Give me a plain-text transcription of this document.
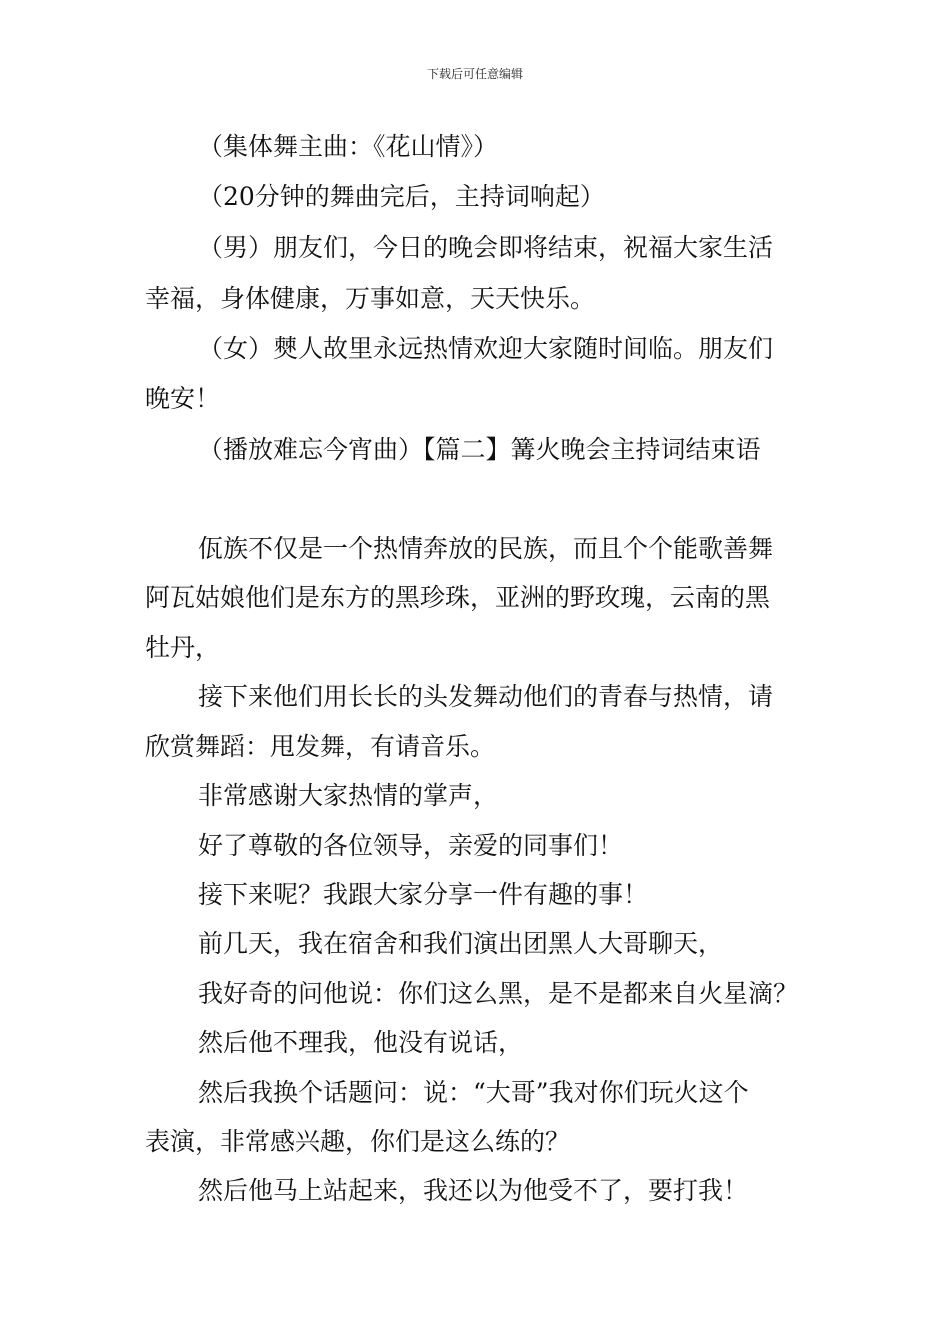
下载后可任意编辑
（集体舞主曲：《花山情》）
（20分钟的舞曲完后，主持词响起）
（男）朋友们，今日的晚会即将结束，祝福大家生活
幸福，身体健康，万事如意，天天快乐。
（女）僰人故里永远热情欢迎大家随时间临。朋友们
晚安！
（播放难忘今宵曲）【篇二】篝火晚会主持词结束语
佤族不仅是一个热情奔放的民族，而且个个能歌善舞
阿瓦姑娘他们是东方的黑珍珠，亚洲的野玫瑰，云南的黑
牡丹，
接下来他们用长长的头发舞动他们的青春与热情，请
欣赏舞蹈：甩发舞，有请音乐。
非常感谢大家热情的掌声，
好了尊敬的各位领导，亲爱的同事们！
接下来呢？我跟大家分享一件有趣的事！
前几天，我在宿舍和我们演出团黑人大哥聊天，
我好奇的问他说：你们这么黑，是不是都来自火星滴？
然后他不理我，他没有说话，
然后我换个话题问：说：“大哥”我对你们玩火这个
表演，非常感兴趣，你们是这么练的？
然后他马上站起来，我还以为他受不了，要打我！
